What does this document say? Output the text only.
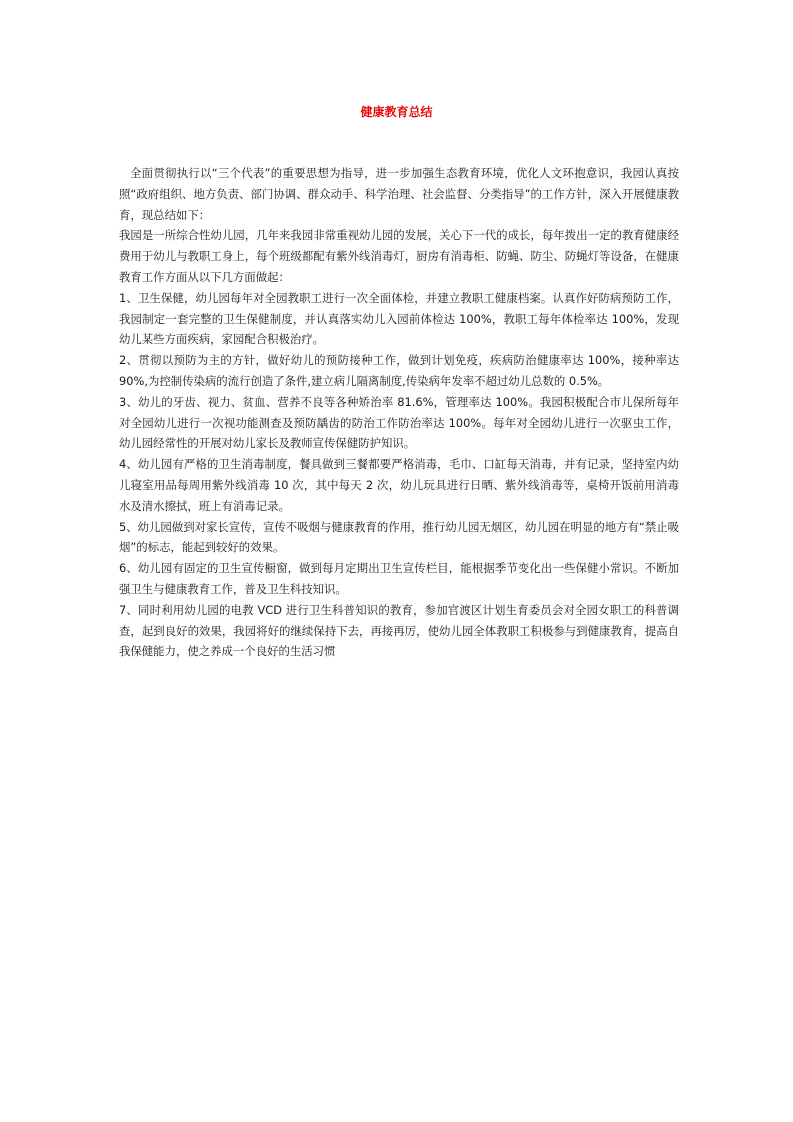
健康教育总结

全面贯彻执行以“三个代表”的重要思想为指导，进一步加强生态教育环境，优化人文环抱意识，我园认真按照“政府组织、地方负责、部门协调、群众动手、科学治理、社会监督、分类指导”的工作方针，深入开展健康教育，现总结如下：

我园是一所综合性幼儿园，几年来我园非常重视幼儿园的发展，关心下一代的成长，每年拨出一定的教育健康经费用于幼儿与教职工身上，每个班级都配有紫外线消毒灯，厨房有消毒柜、防蝇、防尘、防蝇灯等设备，在健康教育工作方面从以下几方面做起：

1、卫生保健，幼儿园每年对全园教职工进行一次全面体检，并建立教职工健康档案。认真作好防病预防工作，我园制定一套完整的卫生保健制度，并认真落实幼儿入园前体检达 100%，教职工每年体检率达 100%，发现幼儿某些方面疾病，家园配合积极治疗。

2、贯彻以预防为主的方针，做好幼儿的预防接种工作，做到计划免疫，疾病防治健康率达 100%，接种率达 90%,为控制传染病的流行创造了条件,建立病儿隔离制度,传染病年发率不超过幼儿总数的 0.5%。

3、幼儿的牙齿、视力、贫血、营养不良等各种矫治率 81.6%，管理率达 100%。我园积极配合市儿保所每年对全园幼儿进行一次视功能测查及预防龋齿的防治工作防治率达 100%。每年对全园幼儿进行一次驱虫工作，幼儿园经常性的开展对幼儿家长及教师宣传保健防护知识。

4、幼儿园有严格的卫生消毒制度，餐具做到三餐都要严格消毒，毛巾、口缸每天消毒，并有记录，坚持室内幼儿寝室用品每周用紫外线消毒 10 次，其中每天 2 次，幼儿玩具进行日晒、紫外线消毒等，桌椅开饭前用消毒水及清水擦拭，班上有消毒记录。

5、幼儿园做到对家长宣传，宣传不吸烟与健康教育的作用，推行幼儿园无烟区，幼儿园在明显的地方有“禁止吸烟”的标志，能起到较好的效果。

6、幼儿园有固定的卫生宣传橱窗，做到每月定期出卫生宣传栏目，能根据季节变化出一些保健小常识。不断加强卫生与健康教育工作，普及卫生科技知识。

7、同时利用幼儿园的电教 VCD 进行卫生科普知识的教育，参加官渡区计划生育委员会对全园女职工的科普调查，起到良好的效果，我园将好的继续保持下去，再接再厉，使幼儿园全体教职工积极参与到健康教育，提高自我保健能力，使之养成一个良好的生活习惯
